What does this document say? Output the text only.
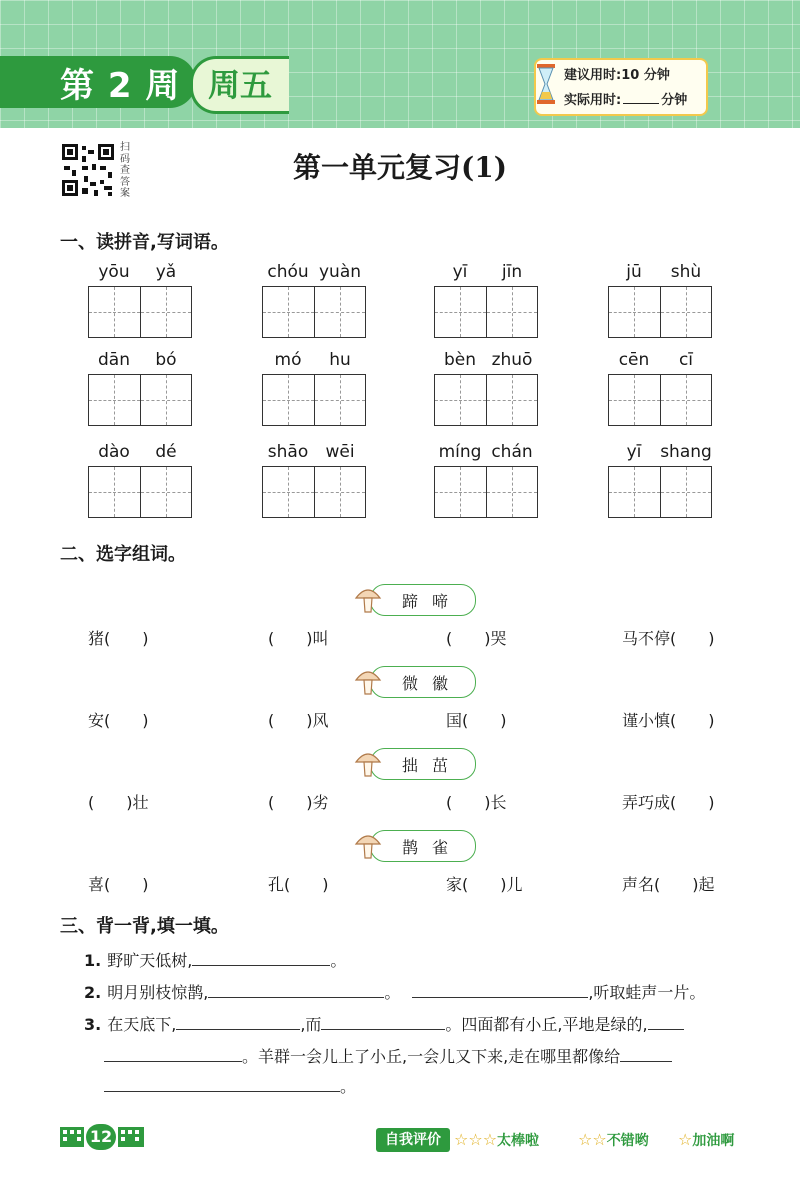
第 2 周 周五	建议用时:10 分钟
实际用时:	分钟
扫码查答案
第一单元复习(1)
一、读拼音,写词语。
yōu	yǎ	chóu yuàn	yī	jīn	jū	shù
dān	bó	mó	hu	bèn zhuō	cēn	cī
dào	dé	shāo	wēi	míng chán	yī	shang
二、选字组词。
蹄啼
猪(　　)	(　　)叫	(　　)哭	马不停(　　)
微徽
安(　　)	(　　)风	国(　　)	谨小慎(　　)
拙茁
(　　)壮	(　　)劣	(　　)长	弄巧成(　　)
鹊雀
喜(　　)	孔(　　)	家(　　)儿	声名(　　)起
三、背一背,填一填。
1. 野旷天低树,	。
2. 明月别枝惊鹊,	。	,听取蛙声一片。
3. 在天底下,	,而	。四面都有小丘,平地是绿的,
。羊群一会儿上了小丘,一会儿又下来,走在哪里都像给
。
12	自我评价 ☆☆☆太棒啦 ☆☆不错哟 ☆加油啊
